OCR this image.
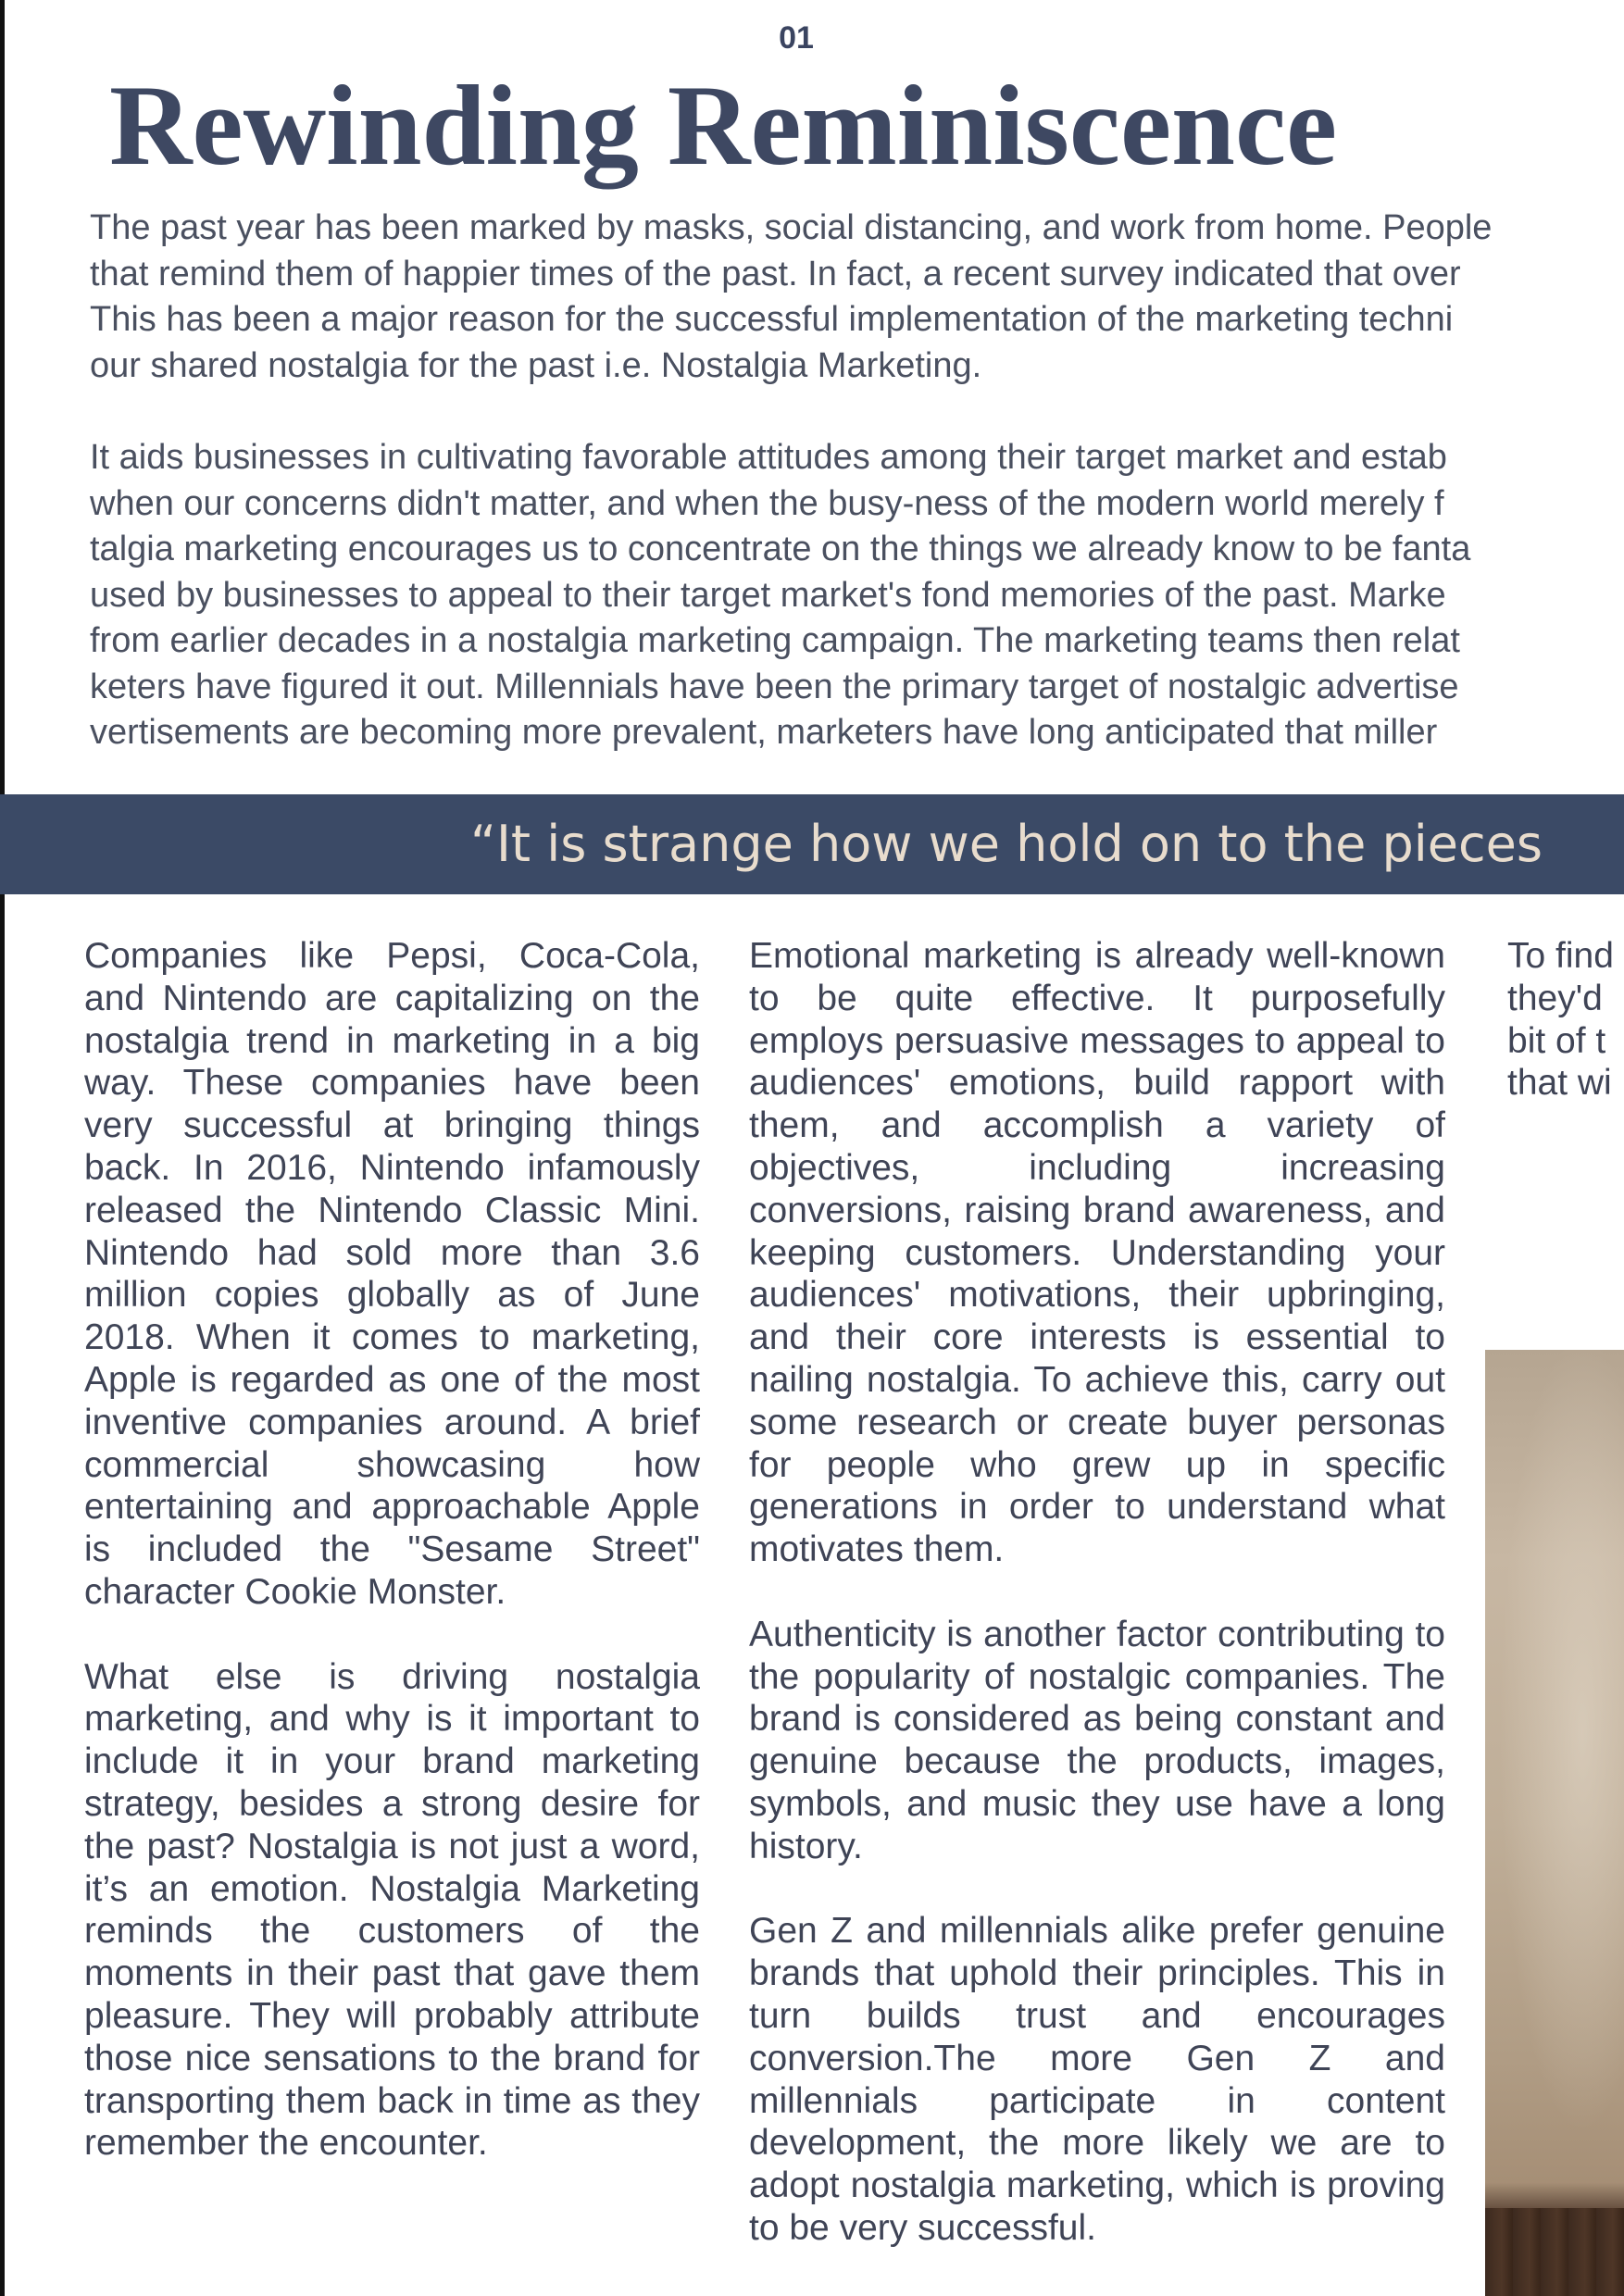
01
Rewinding Reminiscence

The past year has been marked by masks, social distancing, and work from home. People
that remind them of happier times of the past. In fact, a recent survey indicated that over
This has been a major reason for the successful implementation of the marketing techni
our shared nostalgia for the past i.e. Nostalgia Marketing.

It aids businesses in cultivating favorable attitudes among their target market and estab
when our concerns didn't matter, and when the busy-ness of the modern world merely f
talgia marketing encourages us to concentrate on the things we already know to be fanta
used by businesses to appeal to their target market's fond memories of the past. Marke
from earlier decades in a nostalgia marketing campaign. The marketing teams then relat
keters have figured it out. Millennials have been the primary target of nostalgic advertise
vertisements are becoming more prevalent, marketers have long anticipated that miller

“It is strange how we hold on to the pieces

Companies like Pepsi, Coca-Cola, and Nintendo are capitalizing on the nostalgia trend in marketing in a big way. These companies have been very successful at bringing things back. In 2016, Nintendo infamously released the Nintendo Classic Mini. Nintendo had sold more than 3.6 million copies globally as of June 2018. When it comes to marketing, Apple is regarded as one of the most inventive companies around. A brief commercial showcasing how entertaining and approachable Apple is included the "Sesame Street" character Cookie Monster.

What else is driving nostalgia marketing, and why is it important to include it in your brand marketing strategy, besides a strong desire for the past? Nostalgia is not just a word, it’s an emotion. Nostalgia Marketing reminds the customers of the moments in their past that gave them pleasure. They will probably attribute those nice sensations to the brand for transporting them back in time as they remember the encounter.

Emotional marketing is already well-known to be quite effective. It purposefully employs persuasive messages to appeal to audiences' emotions, build rapport with them, and accomplish a variety of objectives, including increasing conversions, raising brand awareness, and keeping customers. Understanding your audiences' motivations, their upbringing, and their core interests is essential to nailing nostalgia. To achieve this, carry out some research or create buyer personas for people who grew up in specific generations in order to understand what motivates them.

Authenticity is another factor contributing to the popularity of nostalgic companies. The brand is considered as being constant and genuine because the products, images, symbols, and music they use have a long history.

Gen Z and millennials alike prefer genuine brands that uphold their principles. This in turn builds trust and encourages conversion.The more Gen Z and millennials participate in content development, the more likely we are to adopt nostalgia marketing, which is proving to be very successful.

To find
they'd
bit of t
that wi
